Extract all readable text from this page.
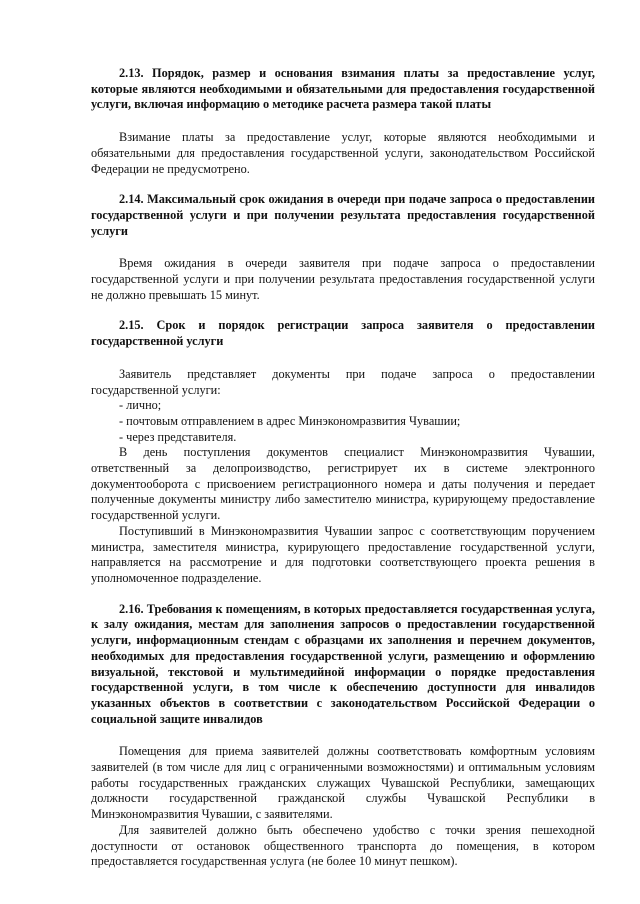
2.13. Порядок, размер и основания взимания платы за предоставление услуг, которые являются необходимыми и обязательными для предоставления государственной услуги, включая информацию о методике расчета размера такой платы

Взимание платы за предоставление услуг, которые являются необходимыми и обязательными для предоставления государственной услуги, законодательством Российской Федерации не предусмотрено.

2.14. Максимальный срок ожидания в очереди при подаче запроса о предоставлении государственной услуги и при получении результата предоставления государственной услуги

Время ожидания в очереди заявителя при подаче запроса о предоставлении государственной услуги и при получении результата предоставления государственной услуги не должно превышать 15 минут.

2.15. Срок и порядок регистрации запроса заявителя о предоставлении государственной услуги

Заявитель представляет документы при подаче запроса о предоставлении государственной услуги:

- лично;

- почтовым отправлением в адрес Минэкономразвития Чувашии;

- через представителя.

В день поступления документов специалист Минэкономразвития Чувашии, ответственный за делопроизводство, регистрирует их в системе электронного документооборота с присвоением регистрационного номера и даты получения и передает полученные документы министру либо заместителю министра, курирующему предоставление государственной услуги.

Поступивший в Минэкономразвития Чувашии запрос с соответствующим поручением министра, заместителя министра, курирующего предоставление государственной услуги, направляется на рассмотрение и для подготовки соответствующего проекта решения в уполномоченное подразделение.

2.16. Требования к помещениям, в которых предоставляется государственная услуга, к залу ожидания, местам для заполнения запросов о предоставлении государственной услуги, информационным стендам с образцами их заполнения и перечнем документов, необходимых для предоставления государственной услуги, размещению и оформлению визуальной, текстовой и мультимедийной информации о порядке предоставления государственной услуги, в том числе к обеспечению доступности для инвалидов указанных объектов в соответствии с законодательством Российской Федерации о социальной защите инвалидов

Помещения для приема заявителей должны соответствовать комфортным условиям заявителей (в том числе для лиц с ограниченными возможностями) и оптимальным условиям работы государственных гражданских служащих Чувашской Республики, замещающих должности государственной гражданской службы Чувашской Республики в Минэкономразвития Чувашии, с заявителями.

Для заявителей должно быть обеспечено удобство с точки зрения пешеходной доступности от остановок общественного транспорта до помещения, в котором предоставляется государственная услуга (не более 10 минут пешком).
